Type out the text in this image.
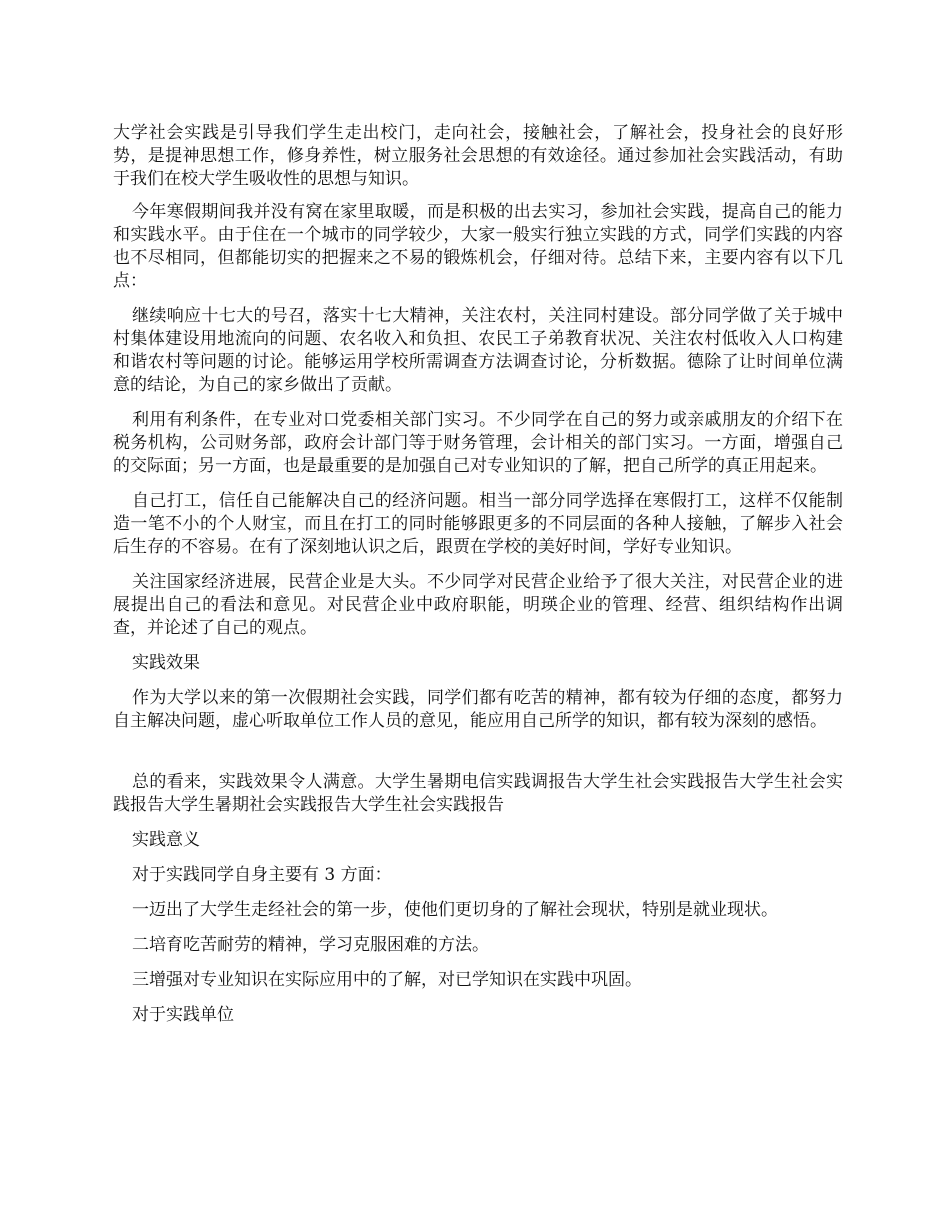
大学社会实践是引导我们学生走出校门，走向社会，接触社会，了解社会，投身社会的良好形势，是提神思想工作，修身养性，树立服务社会思想的有效途径。通过参加社会实践活动，有助于我们在校大学生吸收性的思想与知识。

今年寒假期间我并没有窝在家里取暖，而是积极的出去实习，参加社会实践，提高自己的能力和实践水平。由于住在一个城市的同学较少，大家一般实行独立实践的方式，同学们实践的内容也不尽相同，但都能切实的把握来之不易的锻炼机会，仔细对待。总结下来，主要内容有以下几点：

继续响应十七大的号召，落实十七大精神，关注农村，关注同村建设。部分同学做了关于城中村集体建设用地流向的问题、农名收入和负担、农民工子弟教育状况、关注农村低收入人口构建和谐农村等问题的讨论。能够运用学校所需调查方法调查讨论，分析数据。德除了让时间单位满意的结论，为自己的家乡做出了贡献。

利用有利条件，在专业对口党委相关部门实习。不少同学在自己的努力或亲戚朋友的介绍下在税务机构，公司财务部，政府会计部门等于财务管理，会计相关的部门实习。一方面，增强自己的交际面；另一方面，也是最重要的是加强自己对专业知识的了解，把自己所学的真正用起来。

自己打工，信任自己能解决自己的经济问题。相当一部分同学选择在寒假打工，这样不仅能制造一笔不小的个人财宝，而且在打工的同时能够跟更多的不同层面的各种人接触，了解步入社会后生存的不容易。在有了深刻地认识之后，跟贾在学校的美好时间，学好专业知识。

关注国家经济进展，民营企业是大头。不少同学对民营企业给予了很大关注，对民营企业的进展提出自己的看法和意见。对民营企业中政府职能，明瑛企业的管理、经营、组织结构作出调查，并论述了自己的观点。

实践效果

作为大学以来的第一次假期社会实践，同学们都有吃苦的精神，都有较为仔细的态度，都努力自主解决问题，虚心听取单位工作人员的意见，能应用自己所学的知识，都有较为深刻的感悟。

总的看来，实践效果令人满意。大学生暑期电信实践调报告大学生社会实践报告大学生社会实践报告大学生暑期社会实践报告大学生社会实践报告

实践意义

对于实践同学自身主要有 3 方面：

一迈出了大学生走经社会的第一步，使他们更切身的了解社会现状，特别是就业现状。

二培育吃苦耐劳的精神，学习克服困难的方法。

三增强对专业知识在实际应用中的了解，对已学知识在实践中巩固。

对于实践单位
